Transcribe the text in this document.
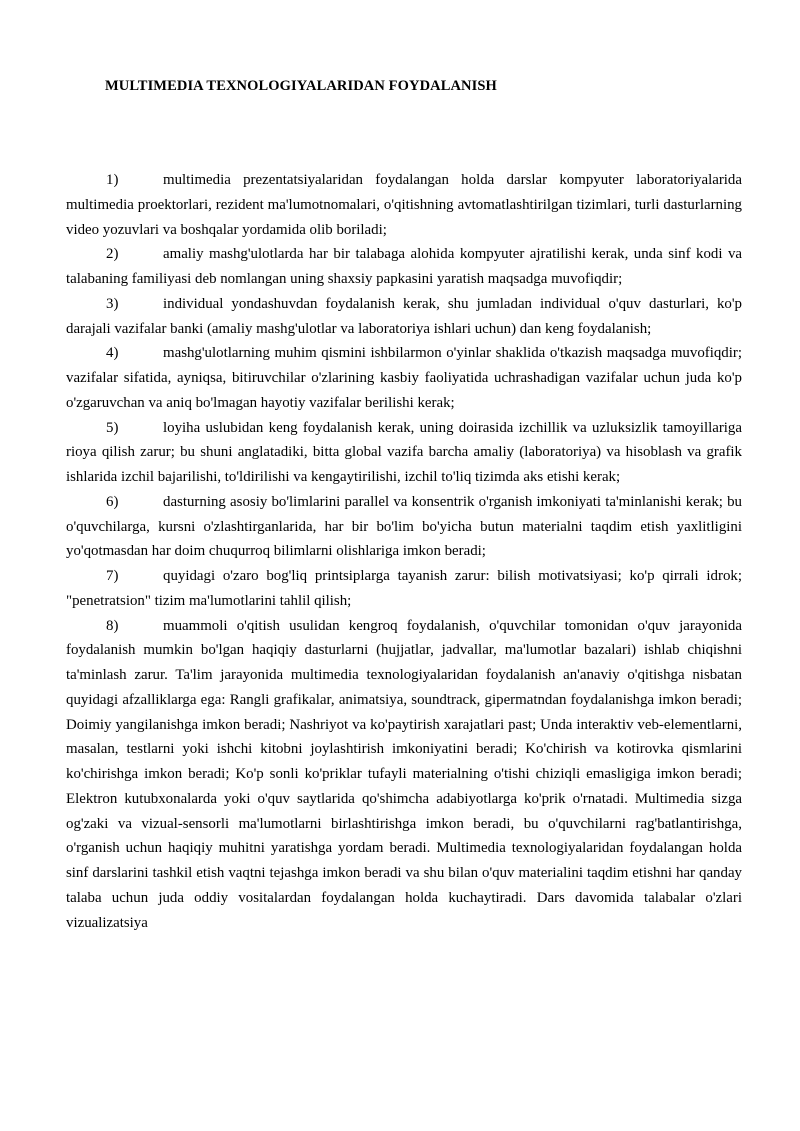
MULTIMEDIA TEXNOLOGIYALARIDAN FOYDALANISH

1)	multimedia prezentatsiyalaridan foydalangan holda darslar kompyuter laboratoriyalarida multimedia proektorlari, rezident ma'lumotnomalari, o'qitishning avtomatlashtirilgan tizimlari, turli dasturlarning video yozuvlari va boshqalar yordamida olib boriladi;

2)	amaliy mashg'ulotlarda har bir talabaga alohida kompyuter ajratilishi kerak, unda sinf kodi va talabaning familiyasi deb nomlangan uning shaxsiy papkasini yaratish maqsadga muvofiqdir;

3)	individual yondashuvdan foydalanish kerak, shu jumladan individual o'quv dasturlari, ko'p darajali vazifalar banki (amaliy mashg'ulotlar va laboratoriya ishlari uchun) dan keng foydalanish;

4)	mashg'ulotlarning muhim qismini ishbilarmon o'yinlar shaklida o'tkazish maqsadga muvofiqdir; vazifalar sifatida, ayniqsa, bitiruvchilar o'zlarining kasbiy faoliyatida uchrashadigan vazifalar uchun juda ko'p o'zgaruvchan va aniq bo'lmagan hayotiy vazifalar berilishi kerak;

5)	loyiha uslubidan keng foydalanish kerak, uning doirasida izchillik va uzluksizlik tamoyillariga rioya qilish zarur; bu shuni anglatadiki, bitta global vazifa barcha amaliy (laboratoriya) va hisoblash va grafik ishlarida izchil bajarilishi, to'ldirilishi va kengaytirilishi, izchil to'liq tizimda aks etishi kerak;

6)	dasturning asosiy bo'limlarini parallel va konsentrik o'rganish imkoniyati ta'minlanishi kerak; bu o'quvchilarga, kursni o'zlashtirganlarida, har bir bo'lim bo'yicha butun materialni taqdim etish yaxlitligini yo'qotmasdan har doim chuqurroq bilimlarni olishlariga imkon beradi;

7)	quyidagi o'zaro bog'liq printsiplarga tayanish zarur: bilish motivatsiyasi; ko'p qirrali idrok; "penetratsion" tizim ma'lumotlarini tahlil qilish;

8)	muammoli o'qitish usulidan kengroq foydalanish, o'quvchilar tomonidan o'quv jarayonida foydalanish mumkin bo'lgan haqiqiy dasturlarni (hujjatlar, jadvallar, ma'lumotlar bazalari) ishlab chiqishni ta'minlash zarur. Ta'lim jarayonida multimedia texnologiyalaridan foydalanish an'anaviy o'qitishga nisbatan quyidagi afzalliklarga ega: Rangli grafikalar, animatsiya, soundtrack, gipermatndan foydalanishga imkon beradi; Doimiy yangilanishga imkon beradi; Nashriyot va ko'paytirish xarajatlari past; Unda interaktiv veb-elementlarni, masalan, testlarni yoki ishchi kitobni joylashtirish imkoniyatini beradi; Ko'chirish va kotirovka qismlarini ko'chirishga imkon beradi; Ko'p sonli ko'priklar tufayli materialning o'tishi chiziqli emasligiga imkon beradi; Elektron kutubxonalarda yoki o'quv saytlarida qo'shimcha adabiyotlarga ko'prik o'rnatadi. Multimedia sizga og'zaki va vizual-sensorli ma'lumotlarni birlashtirishga imkon beradi, bu o'quvchilarni rag'batlantirishga, o'rganish uchun haqiqiy muhitni yaratishga yordam beradi. Multimedia texnologiyalaridan foydalangan holda sinf darslarini tashkil etish vaqtni tejashga imkon beradi va shu bilan o'quv materialini taqdim etishni har qanday talaba uchun juda oddiy vositalardan foydalangan holda kuchaytiradi. Dars davomida talabalar o'zlari vizualizatsiya
